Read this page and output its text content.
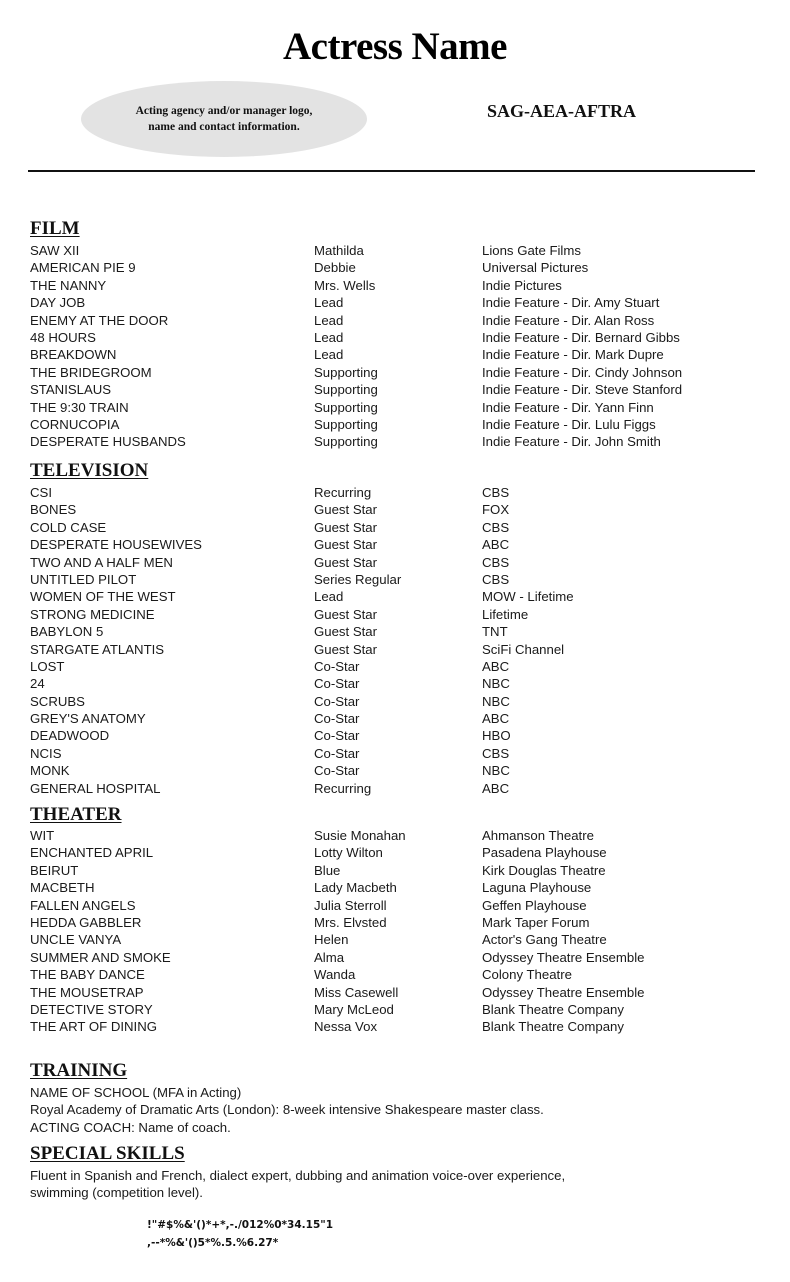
Actress Name
Acting agency and/or manager logo, name and contact information.
SAG-AEA-AFTRA
FILM
SAW XII	Mathilda	Lions Gate Films
AMERICAN PIE 9	Debbie	Universal Pictures
THE NANNY	Mrs. Wells	Indie Pictures
DAY JOB	Lead	Indie Feature - Dir. Amy Stuart
ENEMY AT THE DOOR	Lead	Indie Feature - Dir. Alan Ross
48 HOURS	Lead	Indie Feature - Dir. Bernard Gibbs
BREAKDOWN	Lead	Indie Feature - Dir. Mark Dupre
THE BRIDEGROOM	Supporting	Indie Feature - Dir. Cindy Johnson
STANISLAUS	Supporting	Indie Feature - Dir. Steve Stanford
THE 9:30 TRAIN	Supporting	Indie Feature - Dir. Yann Finn
CORNUCOPIA	Supporting	Indie Feature - Dir. Lulu Figgs
DESPERATE HUSBANDS	Supporting	Indie Feature - Dir. John Smith
TELEVISION
CSI	Recurring	CBS
BONES	Guest Star	FOX
COLD CASE	Guest Star	CBS
DESPERATE HOUSEWIVES	Guest Star	ABC
TWO AND A HALF MEN	Guest Star	CBS
UNTITLED PILOT	Series Regular	CBS
WOMEN OF THE WEST	Lead	MOW - Lifetime
STRONG MEDICINE	Guest Star	Lifetime
BABYLON 5	Guest Star	TNT
STARGATE ATLANTIS	Guest Star	SciFi Channel
LOST	Co-Star	ABC
24	Co-Star	NBC
SCRUBS	Co-Star	NBC
GREY'S ANATOMY	Co-Star	ABC
DEADWOOD	Co-Star	HBO
NCIS	Co-Star	CBS
MONK	Co-Star	NBC
GENERAL HOSPITAL	Recurring	ABC
THEATER
WIT	Susie Monahan	Ahmanson Theatre
ENCHANTED APRIL	Lotty Wilton	Pasadena Playhouse
BEIRUT	Blue	Kirk Douglas Theatre
MACBETH	Lady Macbeth	Laguna Playhouse
FALLEN ANGELS	Julia Sterroll	Geffen Playhouse
HEDDA GABBLER	Mrs. Elvsted	Mark Taper Forum
UNCLE VANYA	Helen	Actor's Gang Theatre
SUMMER AND SMOKE	Alma	Odyssey Theatre Ensemble
THE BABY DANCE	Wanda	Colony Theatre
THE MOUSETRAP	Miss Casewell	Odyssey Theatre Ensemble
DETECTIVE STORY	Mary McLeod	Blank Theatre Company
THE ART OF DINING	Nessa Vox	Blank Theatre Company
TRAINING
NAME OF SCHOOL (MFA in Acting)
Royal Academy of Dramatic Arts (London): 8-week intensive Shakespeare master class.
ACTING COACH: Name of coach.
SPECIAL SKILLS
Fluent in Spanish and French, dialect expert, dubbing and animation voice-over experience,
swimming (competition level).
!"#$%&'()*+*,-./012%0*34.15"1
,--*%&'()5*%.5.%6.27*
